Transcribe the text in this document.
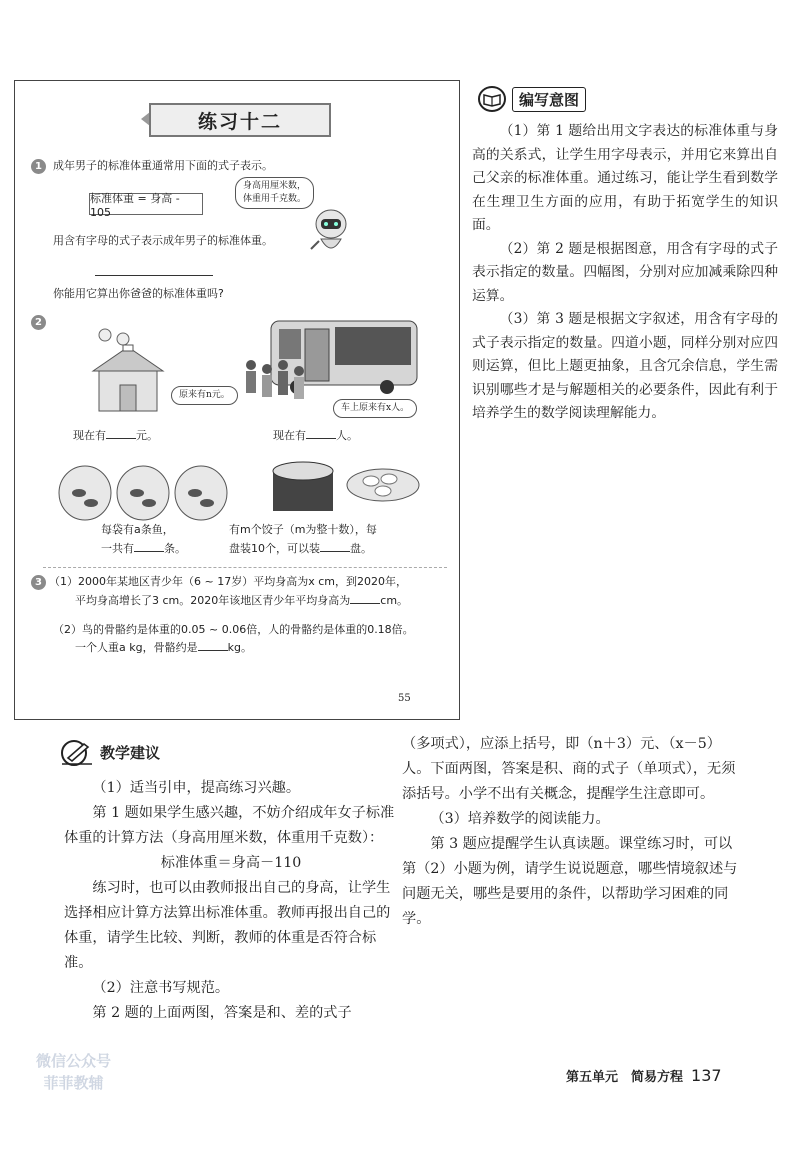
练习十二
1	成年男子的标准体重通常用下面的式子表示。
标准体重 = 身高 - 105
身高用厘米数，
体重用千克数。
用含有字母的式子表示成年男子的标准体重。
你能用它算出你爸爸的标准体重吗?
2
原来有n元。
现在有	元。
车上原来有x人。
现在有	人。
每袋有a条鱼，
一共有	条。
有m个饺子（m为整十数），每
盘装10个，可以装	盘。
3 （1）2000年某地区青少年（6 ~ 17岁）平均身高为x cm，到2020年，
平均身高增长了3 cm。2020年该地区青少年平均身高为	cm。
（2）鸟的骨骼约是体重的0.05 ~ 0.06倍，人的骨骼约是体重的0.18倍。
一个人重a kg，骨骼约是	kg。
55
编写意图

（1）第 1 题给出用文字表达的标准体重与身高的关系式，让学生用字母表示，并用它来算出自己父亲的标准体重。通过练习，能让学生看到数学在生理卫生方面的应用，有助于拓宽学生的知识面。

（2）第 2 题是根据图意，用含有字母的式子表示指定的数量。四幅图，分别对应加减乘除四种运算。

（3）第 3 题是根据文字叙述，用含有字母的式子表示指定的数量。四道小题，同样分别对应四则运算，但比上题更抽象，且含冗余信息，学生需识别哪些才是与解题相关的必要条件，因此有利于培养学生的数学阅读理解能力。

教学建议

（1）适当引申，提高练习兴趣。

第 1 题如果学生感兴趣，不妨介绍成年女子标准体重的计算方法（身高用厘米数，体重用千克数）：

标准体重＝身高－110

练习时，也可以由教师报出自己的身高，让学生选择相应计算方法算出标准体重。教师再报出自己的体重，请学生比较、判断，教师的体重是否符合标准。

（2）注意书写规范。

第 2 题的上面两图，答案是和、差的式子

（多项式），应添上括号，即（n＋3）元、（x－5）人。下面两图，答案是积、商的式子（单项式），无须添括号。小学不出有关概念，提醒学生注意即可。

（3）培养数学的阅读能力。

第 3 题应提醒学生认真读题。课堂练习时，可以第（2）小题为例，请学生说说题意，哪些情境叙述与问题无关，哪些是要用的条件，以帮助学习困难的同学。

微信公众号
菲菲教辅	第五单元　简易方程 137
